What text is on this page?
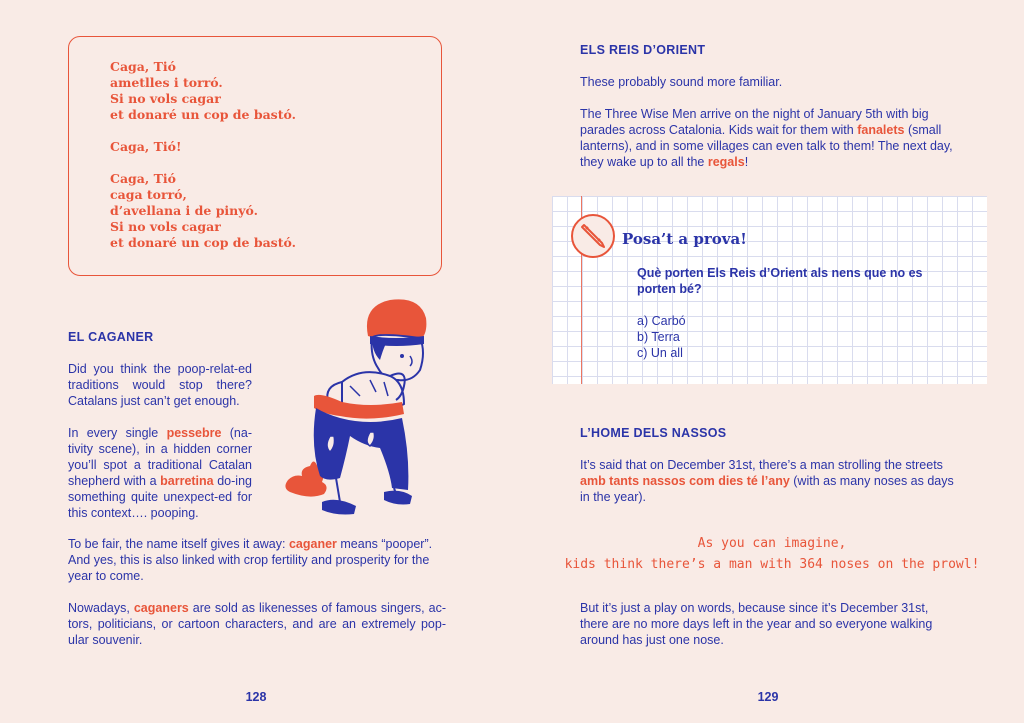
Caga, Tió
ametlles i torró.
Si no vols cagar
et donaré un cop de bastó.

Caga, Tió!

Caga, Tió
caga torró,
d’avellana i de pinyó.
Si no vols cagar
et donaré un cop de bastó.

EL CAGANER

Did you think the poop-relat-ed traditions would stop there? Catalans just can’t get enough.

In every single pessebre (na-tivity scene), in a hidden corner you’ll spot a traditional Catalan shepherd with a barretina do-ing something quite unexpect-ed for this context…. pooping.

To be fair, the name itself gives it away: caganer means “pooper”. And yes, this is also linked with crop fertility and prosperity for the year to come.

Nowadays, caganers are sold as likenesses of famous singers, ac-tors, politicians, or cartoon characters, and are an extremely pop-ular souvenir.

128
ELS REIS D’ORIENT

These probably sound more familiar.

The Three Wise Men arrive on the night of January 5th with big parades across Catalonia. Kids wait for them with fanalets (small lanterns), and in some villages can even talk to them! The next day, they wake up to all the regals!

Posa’t a prova!

Què porten Els Reis d’Orient als nens que no es porten bé?

a) Carbó
b) Terra
c) Un all
L’HOME DELS NASSOS

It’s said that on December 31st, there’s a man strolling the streets amb tants nassos com dies té l’any (with as many noses as days in the year).

As you can imagine,

kids think there’s a man with 364 noses on the prowl!

But it’s just a play on words, because since it’s December 31st, there are no more days left in the year and so everyone walking around has just one nose.

129
